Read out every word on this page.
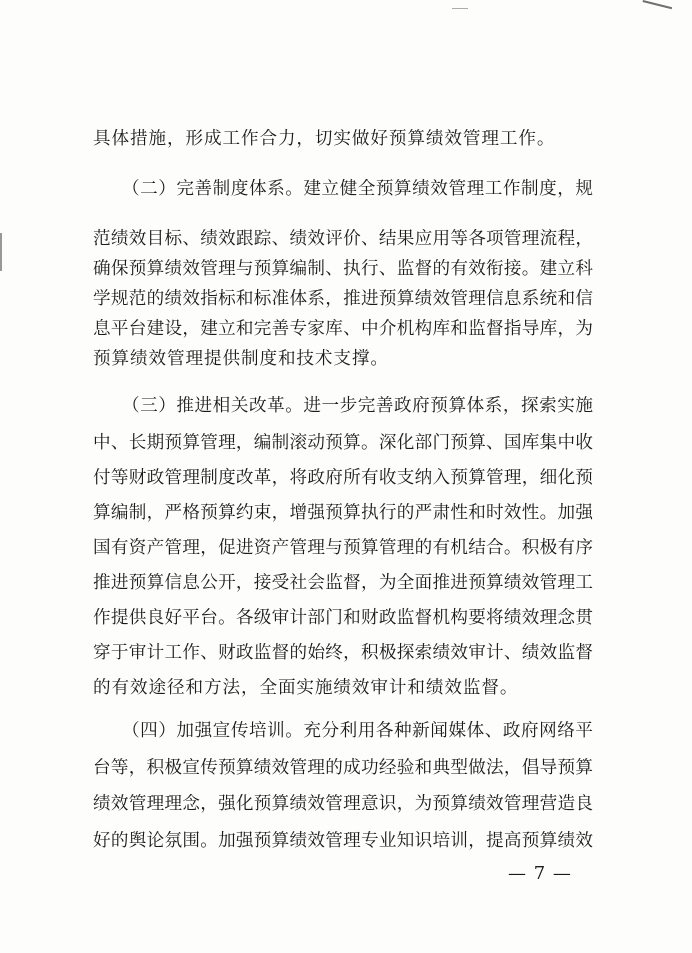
具体措施，形成工作合力，切实做好预算绩效管理工作。
（二）完善制度体系。建立健全预算绩效管理工作制度，规
范绩效目标、绩效跟踪、绩效评价、结果应用等各项管理流程，
确保预算绩效管理与预算编制、执行、监督的有效衔接。建立科
学规范的绩效指标和标准体系，推进预算绩效管理信息系统和信
息平台建设，建立和完善专家库、中介机构库和监督指导库，为
预算绩效管理提供制度和技术支撑。
（三）推进相关改革。进一步完善政府预算体系，探索实施
中、长期预算管理，编制滚动预算。深化部门预算、国库集中收
付等财政管理制度改革，将政府所有收支纳入预算管理，细化预
算编制，严格预算约束，增强预算执行的严肃性和时效性。加强
国有资产管理，促进资产管理与预算管理的有机结合。积极有序
推进预算信息公开，接受社会监督，为全面推进预算绩效管理工
作提供良好平台。各级审计部门和财政监督机构要将绩效理念贯
穿于审计工作、财政监督的始终，积极探索绩效审计、绩效监督
的有效途径和方法，全面实施绩效审计和绩效监督。
（四）加强宣传培训。充分利用各种新闻媒体、政府网络平
台等，积极宣传预算绩效管理的成功经验和典型做法，倡导预算
绩效管理理念，强化预算绩效管理意识，为预算绩效管理营造良
好的舆论氛围。加强预算绩效管理专业知识培训，提高预算绩效
— 7 —
